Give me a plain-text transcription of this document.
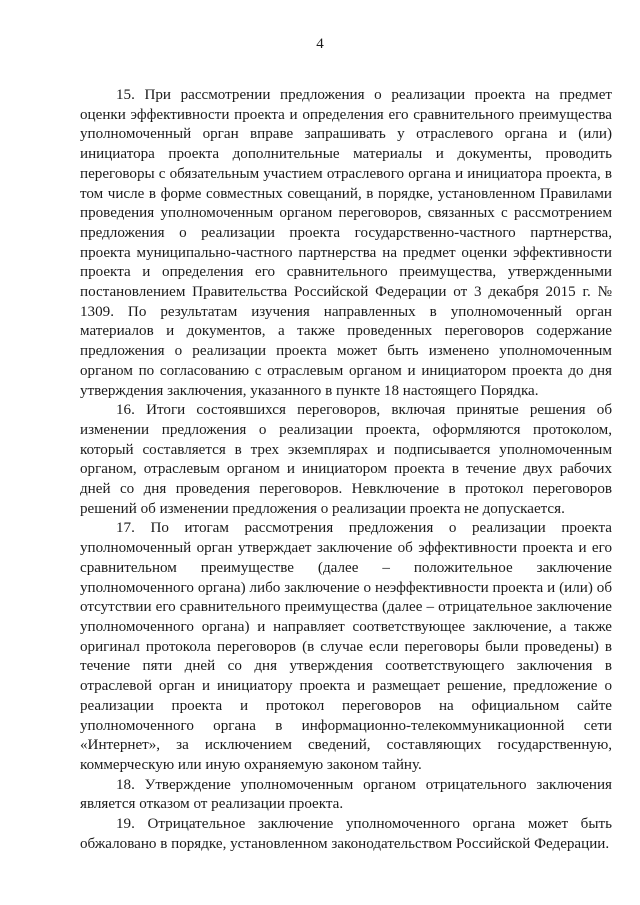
4

15. При рассмотрении предложения о реализации проекта на предмет оценки эффективности проекта и определения его сравнительного преимущества уполномоченный орган вправе запрашивать у отраслевого органа и (или) инициатора проекта дополнительные материалы и документы, проводить переговоры с обязательным участием отраслевого органа и инициатора проекта, в том числе в форме совместных совещаний, в порядке, установленном Правилами проведения уполномоченным органом переговоров, связанных с рассмотрением предложения о реализации проекта государственно-частного партнерства, проекта муниципально-частного партнерства на предмет оценки эффективности проекта и определения его сравнительного преимущества, утвержденными постановлением Правительства Российской Федерации от 3 декабря 2015 г. № 1309. По результатам изучения направленных в уполномоченный орган материалов и документов, а также проведенных переговоров содержание предложения о реализации проекта может быть изменено уполномоченным органом по согласованию с отраслевым органом и инициатором проекта до дня утверждения заключения, указанного в пункте 18 настоящего Порядка.

16. Итоги состоявшихся переговоров, включая принятые решения об изменении предложения о реализации проекта, оформляются протоколом, который составляется в трех экземплярах и подписывается уполномоченным органом, отраслевым органом и инициатором проекта в течение двух рабочих дней со дня проведения переговоров. Невключение в протокол переговоров решений об изменении предложения о реализации проекта не допускается.

17. По итогам рассмотрения предложения о реализации проекта уполномоченный орган утверждает заключение об эффективности проекта и его сравнительном преимуществе (далее – положительное заключение уполномоченного органа) либо заключение о неэффективности проекта и (или) об отсутствии его сравнительного преимущества (далее – отрицательное заключение уполномоченного органа) и направляет соответствующее заключение, а также оригинал протокола переговоров (в случае если переговоры были проведены) в течение пяти дней со дня утверждения соответствующего заключения в отраслевой орган и инициатору проекта и размещает решение, предложение о реализации проекта и протокол переговоров на официальном сайте уполномоченного органа в информационно-телекоммуникационной сети «Интернет», за исключением сведений, составляющих государственную, коммерческую или иную охраняемую законом тайну.

18. Утверждение уполномоченным органом отрицательного заключения является отказом от реализации проекта.

19. Отрицательное заключение уполномоченного органа может быть обжаловано в порядке, установленном законодательством Российской Федерации.
